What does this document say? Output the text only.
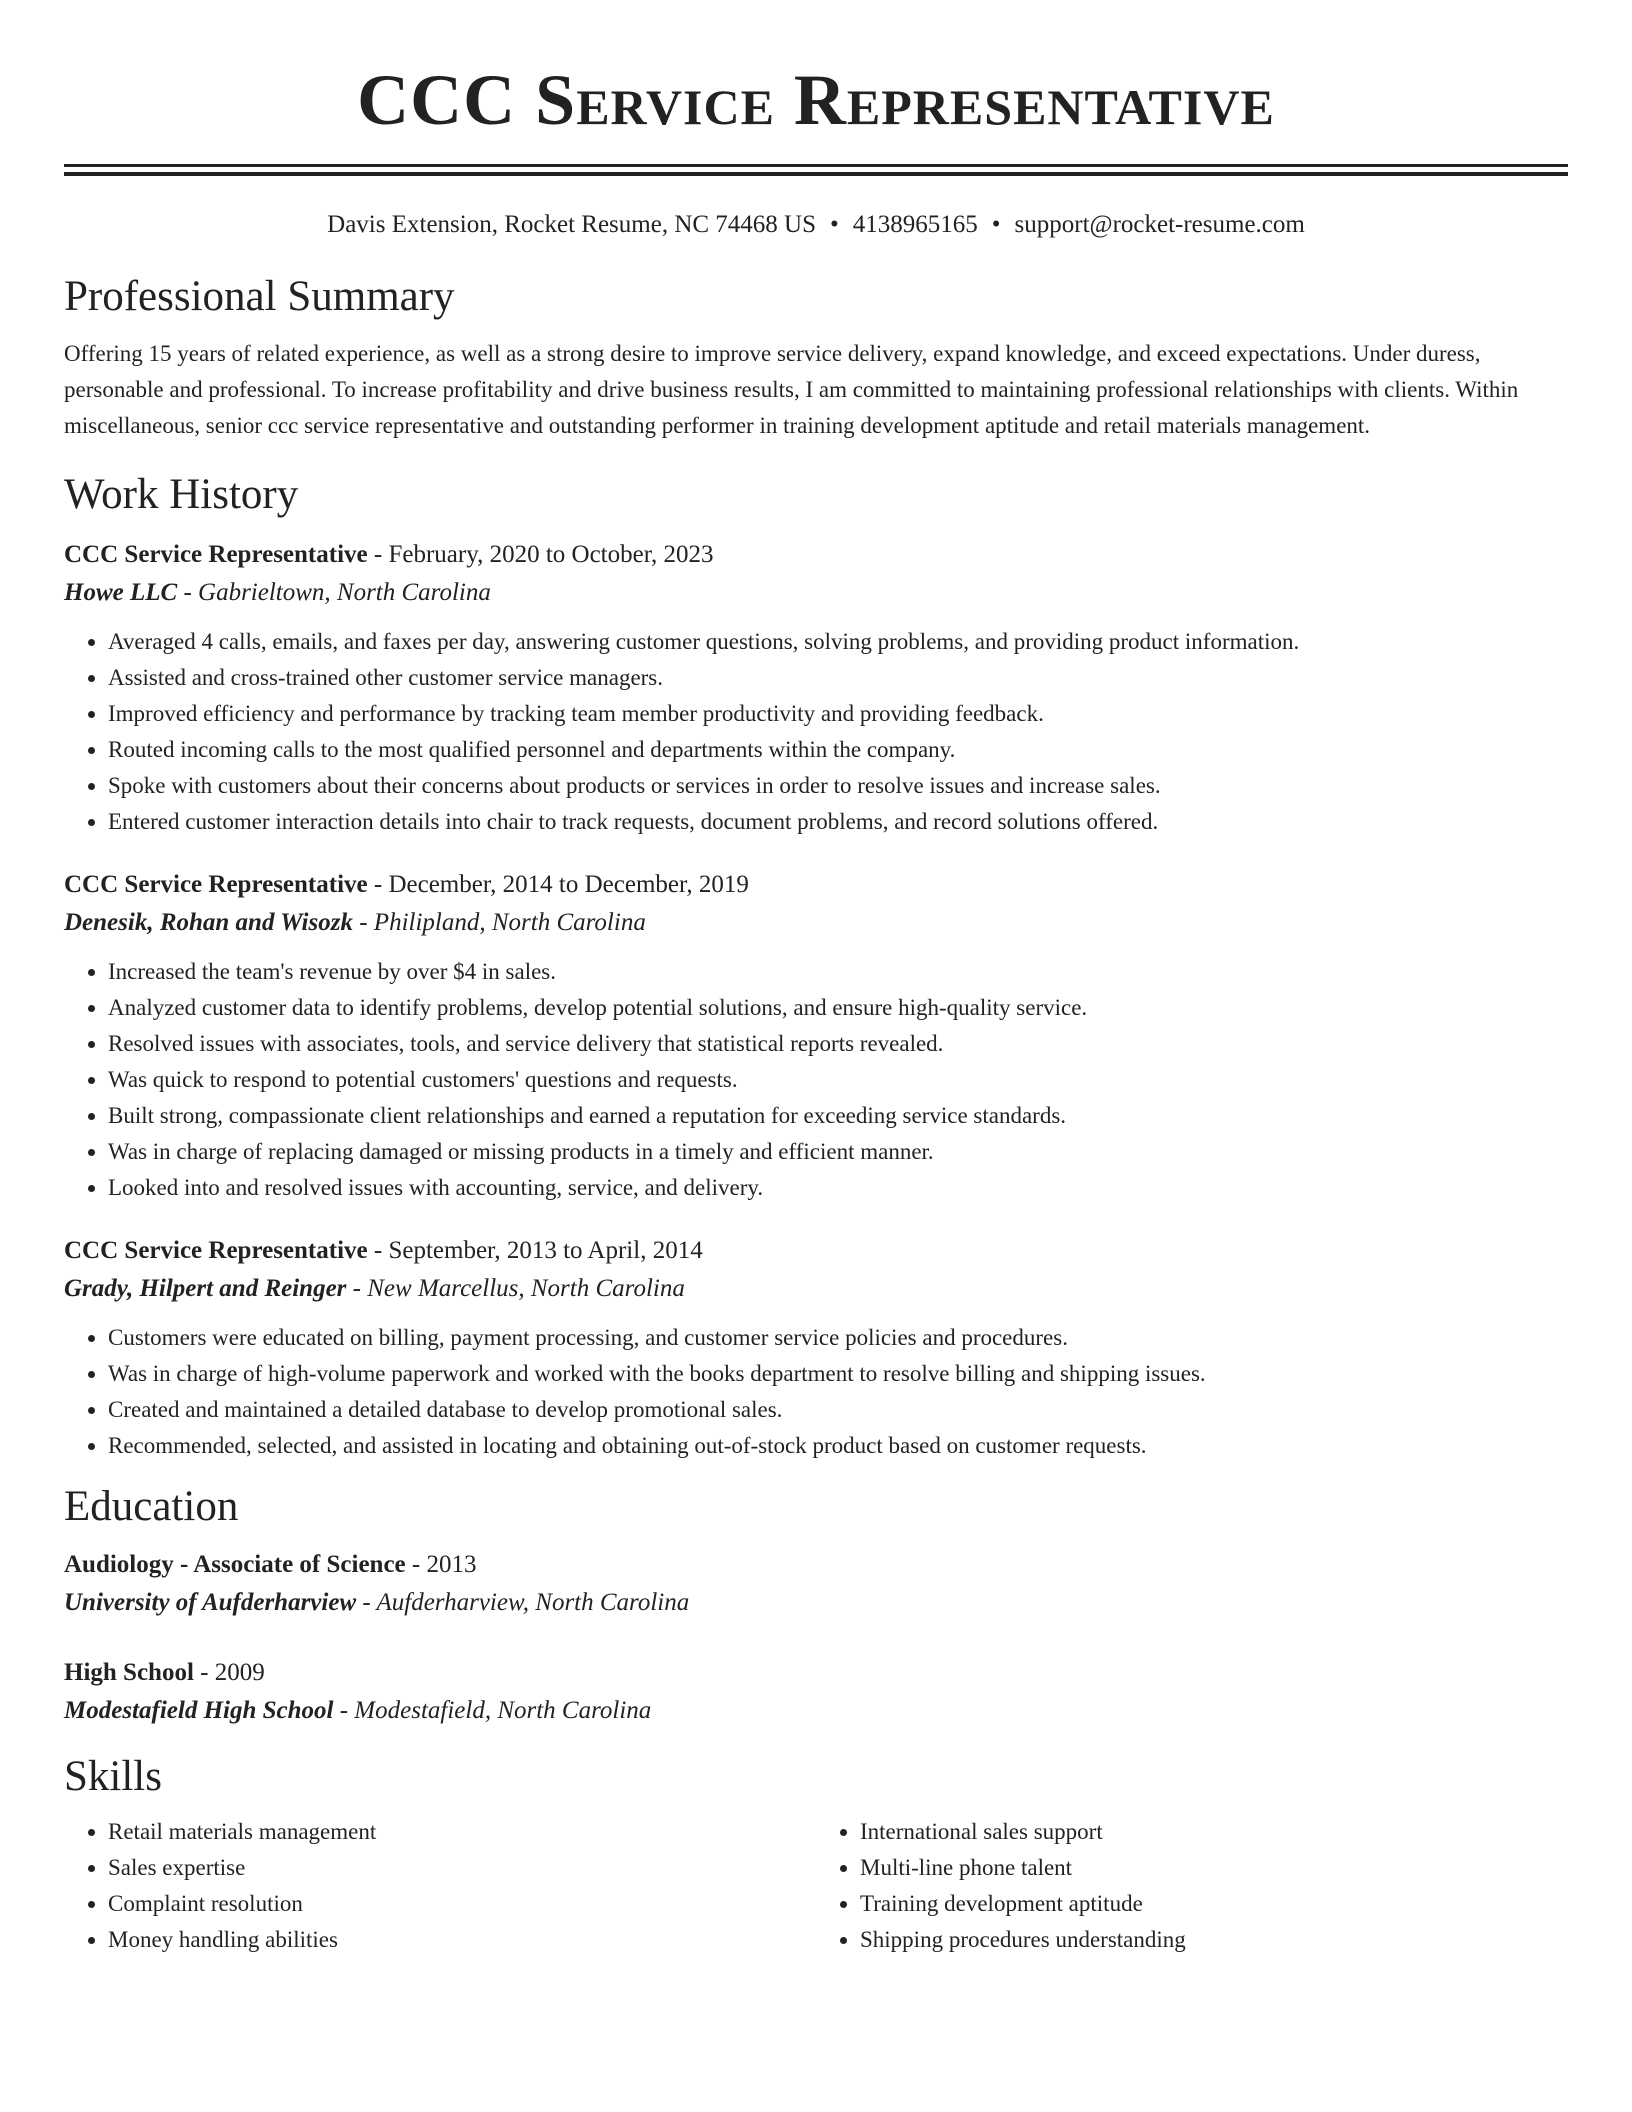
CCC Service Representative
Davis Extension, Rocket Resume, NC 74468 US • 4138965165 • support@rocket-resume.com
Professional Summary
Offering 15 years of related experience, as well as a strong desire to improve service delivery, expand knowledge, and exceed expectations. Under duress, personable and professional. To increase profitability and drive business results, I am committed to maintaining professional relationships with clients. Within miscellaneous, senior ccc service representative and outstanding performer in training development aptitude and retail materials management.
Work History
CCC Service Representative - February, 2020 to October, 2023
Howe LLC - Gabrieltown, North Carolina
• Averaged 4 calls, emails, and faxes per day, answering customer questions, solving problems, and providing product information.
• Assisted and cross-trained other customer service managers.
• Improved efficiency and performance by tracking team member productivity and providing feedback.
• Routed incoming calls to the most qualified personnel and departments within the company.
• Spoke with customers about their concerns about products or services in order to resolve issues and increase sales.
• Entered customer interaction details into chair to track requests, document problems, and record solutions offered.
CCC Service Representative - December, 2014 to December, 2019
Denesik, Rohan and Wisozk - Philipland, North Carolina
• Increased the team's revenue by over $4 in sales.
• Analyzed customer data to identify problems, develop potential solutions, and ensure high-quality service.
• Resolved issues with associates, tools, and service delivery that statistical reports revealed.
• Was quick to respond to potential customers' questions and requests.
• Built strong, compassionate client relationships and earned a reputation for exceeding service standards.
• Was in charge of replacing damaged or missing products in a timely and efficient manner.
• Looked into and resolved issues with accounting, service, and delivery.
CCC Service Representative - September, 2013 to April, 2014
Grady, Hilpert and Reinger - New Marcellus, North Carolina
• Customers were educated on billing, payment processing, and customer service policies and procedures.
• Was in charge of high-volume paperwork and worked with the books department to resolve billing and shipping issues.
• Created and maintained a detailed database to develop promotional sales.
• Recommended, selected, and assisted in locating and obtaining out-of-stock product based on customer requests.
Education
Audiology - Associate of Science - 2013
University of Aufderharview - Aufderharview, North Carolina
High School - 2009
Modestafield High School - Modestafield, North Carolina
Skills
• Retail materials management
• Sales expertise
• Complaint resolution
• Money handling abilities
• International sales support
• Multi-line phone talent
• Training development aptitude
• Shipping procedures understanding
